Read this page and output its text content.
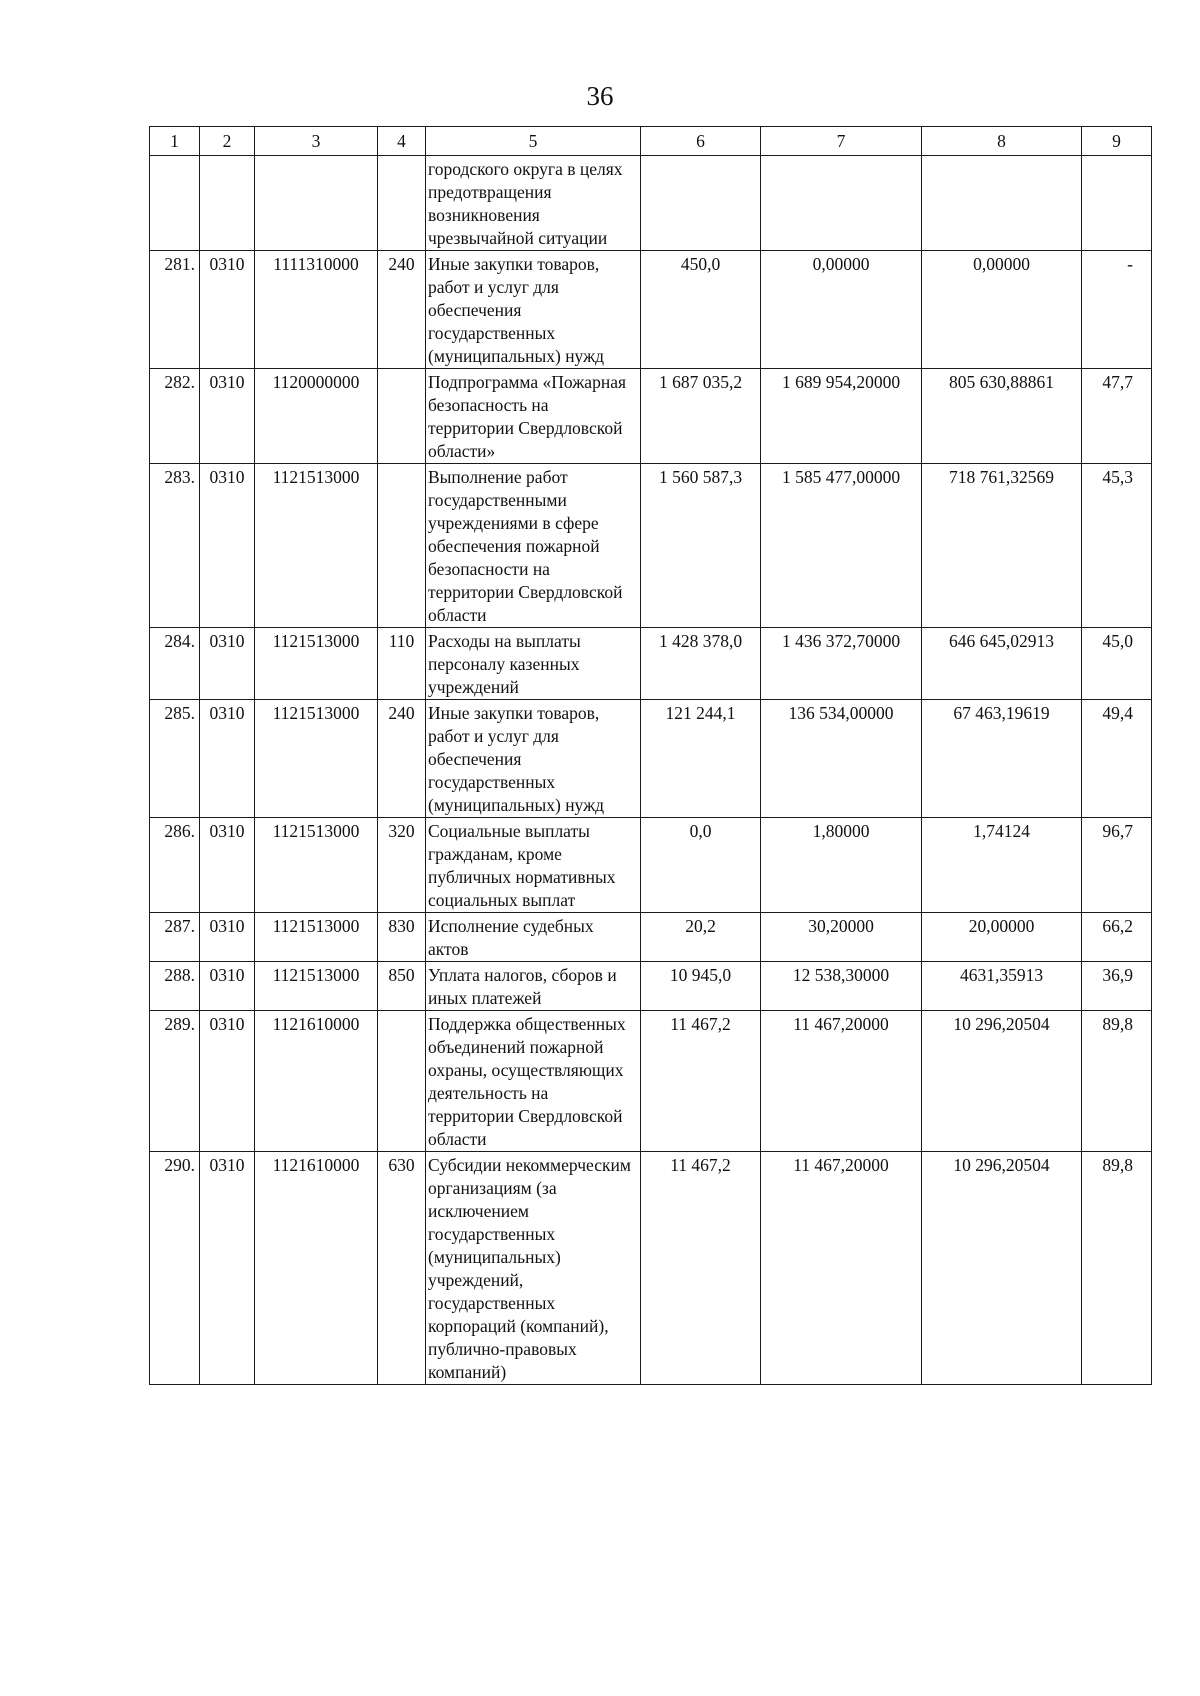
36
1	2	3	4	5	6	7	8	9
				городского округа в целях предотвращения возникновения чрезвычайной ситуации				
281.	0310	1111310000	240	Иные закупки товаров, работ и услуг для обеспечения государственных (муниципальных) нужд	450,0	0,00000	0,00000	-
282.	0310	1120000000		Подпрограмма «Пожарная безопасность на территории Свердловской области»	1 687 035,2	1 689 954,20000	805 630,88861	47,7
283.	0310	1121513000		Выполнение работ государственными учреждениями в сфере обеспечения пожарной безопасности на территории Свердловской области	1 560 587,3	1 585 477,00000	718 761,32569	45,3
284.	0310	1121513000	110	Расходы на выплаты персоналу казенных учреждений	1 428 378,0	1 436 372,70000	646 645,02913	45,0
285.	0310	1121513000	240	Иные закупки товаров, работ и услуг для обеспечения государственных (муниципальных) нужд	121 244,1	136 534,00000	67 463,19619	49,4
286.	0310	1121513000	320	Социальные выплаты гражданам, кроме публичных нормативных социальных выплат	0,0	1,80000	1,74124	96,7
287.	0310	1121513000	830	Исполнение судебных актов	20,2	30,20000	20,00000	66,2
288.	0310	1121513000	850	Уплата налогов, сборов и иных платежей	10 945,0	12 538,30000	4631,35913	36,9
289.	0310	1121610000		Поддержка общественных объединений пожарной охраны, осуществляющих деятельность на территории Свердловской области	11 467,2	11 467,20000	10 296,20504	89,8
290.	0310	1121610000	630	Субсидии некоммерческим организациям (за исключением государственных (муниципальных) учреждений, государственных корпораций (компаний), публично-правовых компаний)	11 467,2	11 467,20000	10 296,20504	89,8
